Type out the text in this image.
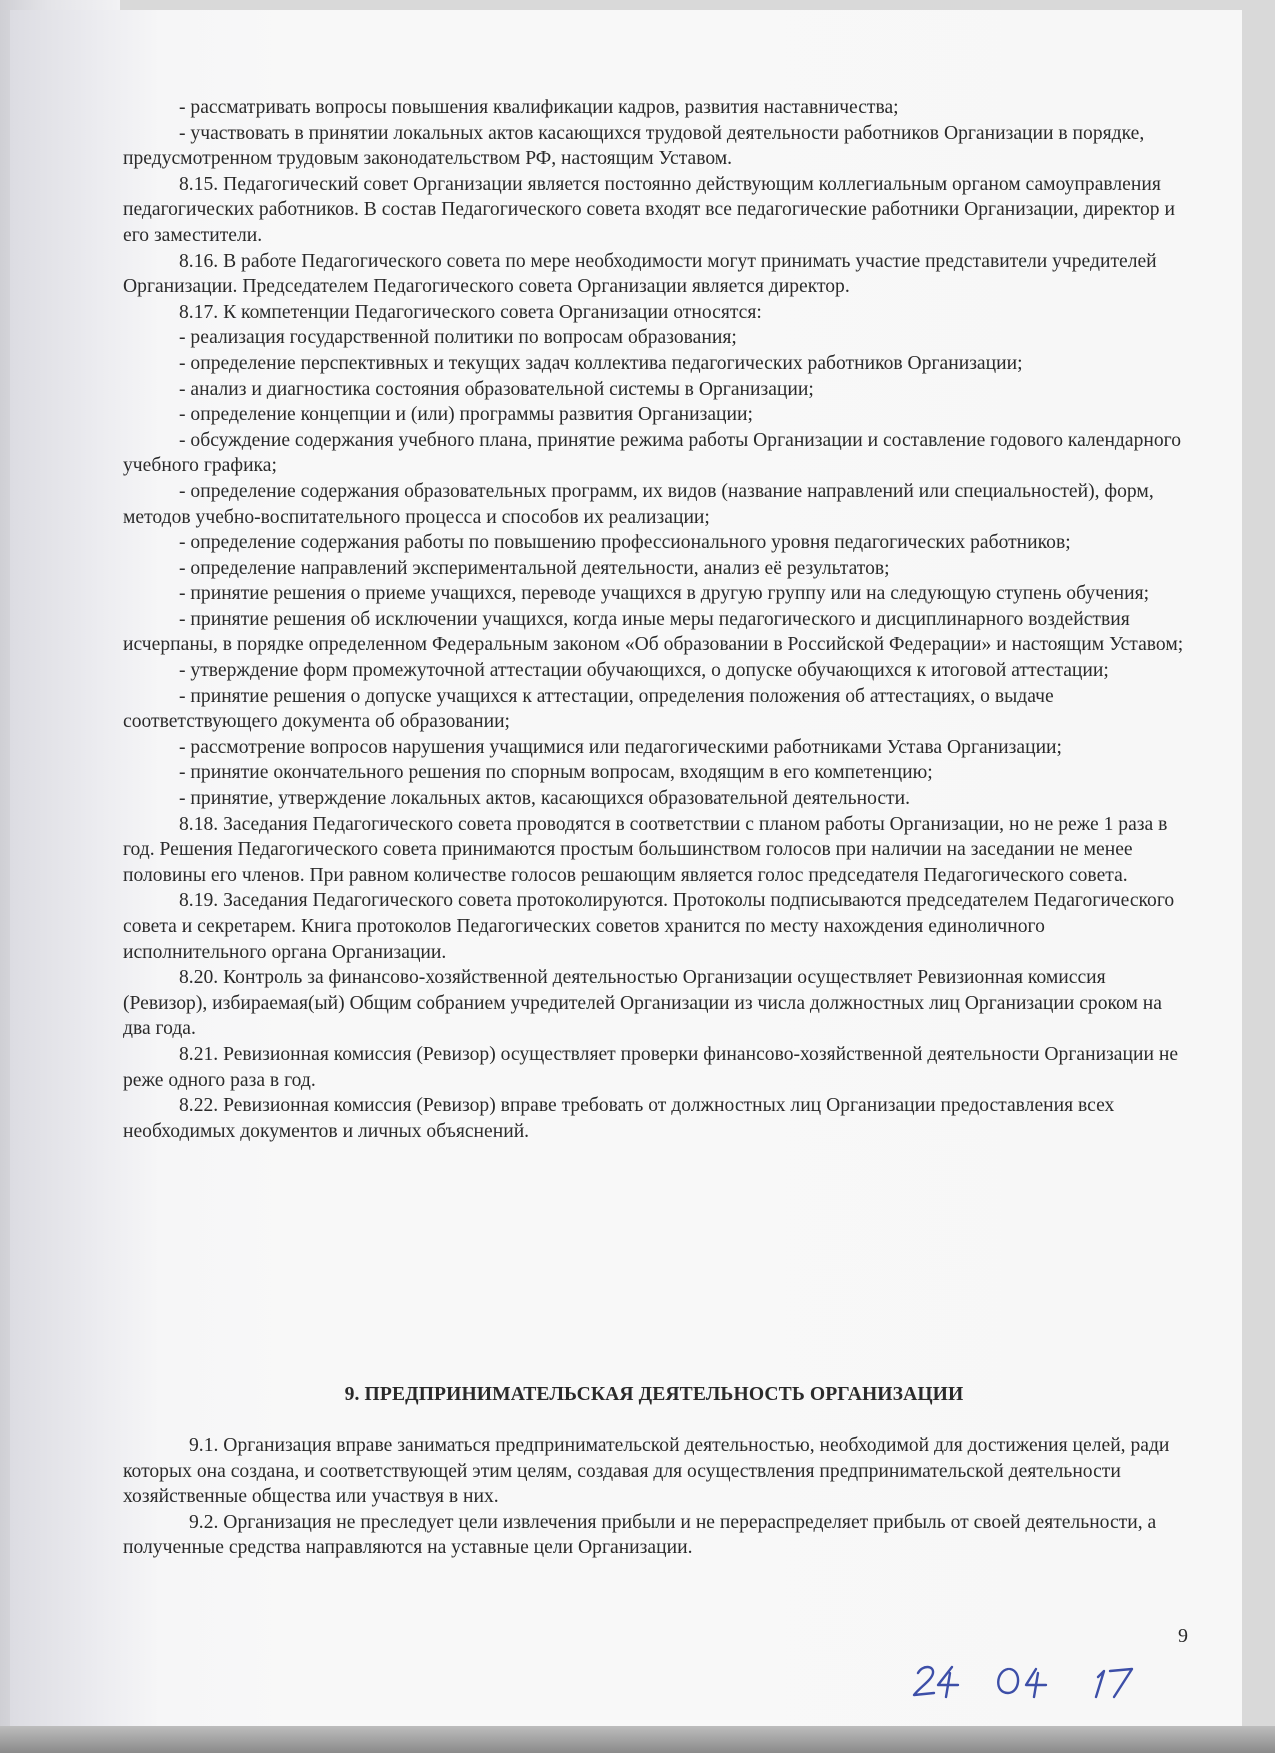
- рассматривать вопросы повышения квалификации кадров, развития наставничества;

- участвовать в принятии локальных актов касающихся трудовой деятельности работников Организации в порядке, предусмотренном трудовым законодательством РФ, настоящим Уставом.

8.15. Педагогический совет Организации является постоянно действующим коллегиальным органом самоуправления педагогических работников. В состав Педагогического совета входят все педагогические работники Организации, директор и его заместители.

8.16. В работе Педагогического совета по мере необходимости могут принимать участие представители учредителей Организации. Председателем Педагогического совета Организации является директор.

8.17. К компетенции Педагогического совета Организации относятся:

- реализация государственной политики по вопросам образования;

- определение перспективных и текущих задач коллектива педагогических работников Организации;

- анализ и диагностика состояния образовательной системы в Организации;

- определение концепции и (или) программы развития Организации;

- обсуждение содержания учебного плана, принятие режима работы Организации и составление годового календарного учебного графика;

- определение содержания образовательных программ, их видов (название направлений или специальностей), форм, методов учебно-воспитательного процесса и способов их реализации;

- определение содержания работы по повышению профессионального уровня педагогических работников;

- определение направлений экспериментальной деятельности, анализ её результатов;

- принятие решения о приеме учащихся, переводе учащихся в другую группу или на следующую ступень обучения;

- принятие решения об исключении учащихся, когда иные меры педагогического и дисциплинарного воздействия исчерпаны, в порядке определенном Федеральным законом «Об образовании в Российской Федерации» и настоящим Уставом;

- утверждение форм промежуточной аттестации обучающихся, о допуске обучающихся к итоговой аттестации;

- принятие решения о допуске учащихся к аттестации, определения положения об аттестациях, о выдаче соответствующего документа об образовании;

- рассмотрение вопросов нарушения учащимися или педагогическими работниками Устава Организации;

- принятие окончательного решения по спорным вопросам, входящим в его компетенцию;

- принятие, утверждение локальных актов, касающихся образовательной деятельности.

8.18. Заседания Педагогического совета проводятся в соответствии с планом работы Организации, но не реже 1 раза в год. Решения Педагогического совета принимаются простым большинством голосов при наличии на заседании не менее половины его членов. При равном количестве голосов решающим является голос председателя Педагогического совета.

8.19. Заседания Педагогического совета протоколируются. Протоколы подписываются председателем Педагогического совета и секретарем. Книга протоколов Педагогических советов хранится по месту нахождения единоличного исполнительного органа Организации.

8.20. Контроль за финансово-хозяйственной деятельностью Организации осуществляет Ревизионная комиссия (Ревизор), избираемая(ый) Общим собранием учредителей Организации из числа должностных лиц Организации сроком на два года.

8.21. Ревизионная комиссия (Ревизор) осуществляет проверки финансово-хозяйственной деятельности Организации не реже одного раза в год.

8.22. Ревизионная комиссия (Ревизор) вправе требовать от должностных лиц Организации предоставления всех необходимых документов и личных объяснений.

9. ПРЕДПРИНИМАТЕЛЬСКАЯ ДЕЯТЕЛЬНОСТЬ ОРГАНИЗАЦИИ

9.1. Организация вправе заниматься предпринимательской деятельностью, необходимой для достижения целей, ради которых она создана, и соответствующей этим целям, создавая для осуществления предпринимательской деятельности хозяйственные общества или участвуя в них.

9.2. Организация не преследует цели извлечения прибыли и не перераспределяет прибыль от своей деятельности, а полученные средства направляются на уставные цели Организации.

9
